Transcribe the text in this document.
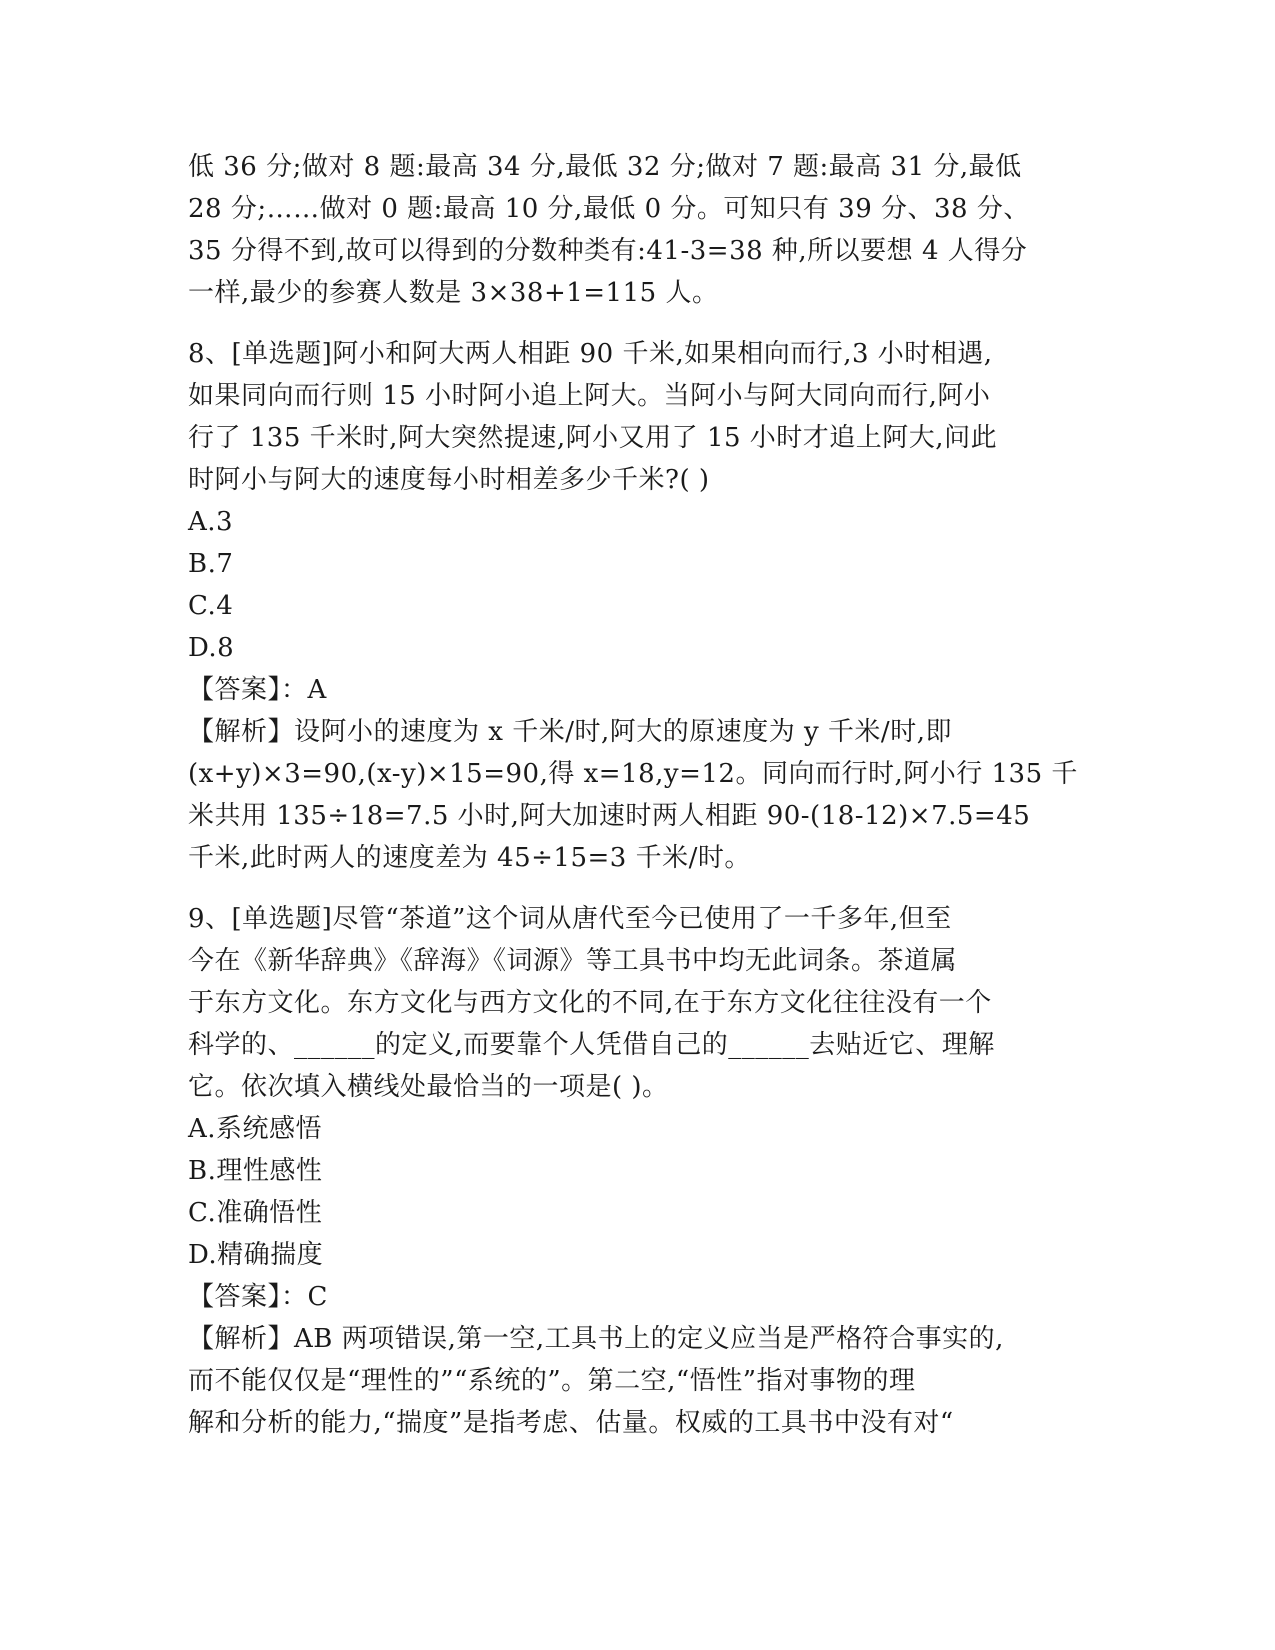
低 36 分;做对 8 题:最高 34 分,最低 32 分;做对 7 题:最高 31 分,最低
28 分;……做对 0 题:最高 10 分,最低 0 分。可知只有 39 分、38 分、
35 分得不到,故可以得到的分数种类有:41-3=38 种,所以要想 4 人得分
一样,最少的参赛人数是 3×38+1=115 人。
8、[单选题]阿小和阿大两人相距 90 千米,如果相向而行,3 小时相遇,
如果同向而行则 15 小时阿小追上阿大。当阿小与阿大同向而行,阿小
行了 135 千米时,阿大突然提速,阿小又用了 15 小时才追上阿大,问此
时阿小与阿大的速度每小时相差多少千米?( )
A.3
B.7
C.4
D.8
【答案】：A
【解析】设阿小的速度为 x 千米/时,阿大的原速度为 y 千米/时,即
(x+y)×3=90,(x-y)×15=90,得 x=18,y=12。同向而行时,阿小行 135 千
米共用 135÷18=7.5 小时,阿大加速时两人相距 90-(18-12)×7.5=45
千米,此时两人的速度差为 45÷15=3 千米/时。
9、[单选题]尽管“茶道”这个词从唐代至今已使用了一千多年,但至
今在《新华辞典》《辞海》《词源》等工具书中均无此词条。茶道属
于东方文化。东方文化与西方文化的不同,在于东方文化往往没有一个
科学的、______的定义,而要靠个人凭借自己的______去贴近它、理解
它。依次填入横线处最恰当的一项是( )。
A.系统感悟
B.理性感性
C.准确悟性
D.精确揣度
【答案】：C
【解析】AB 两项错误,第一空,工具书上的定义应当是严格符合事实的,
而不能仅仅是“理性的”“系统的”。第二空,“悟性”指对事物的理
解和分析的能力,“揣度”是指考虑、估量。权威的工具书中没有对“
